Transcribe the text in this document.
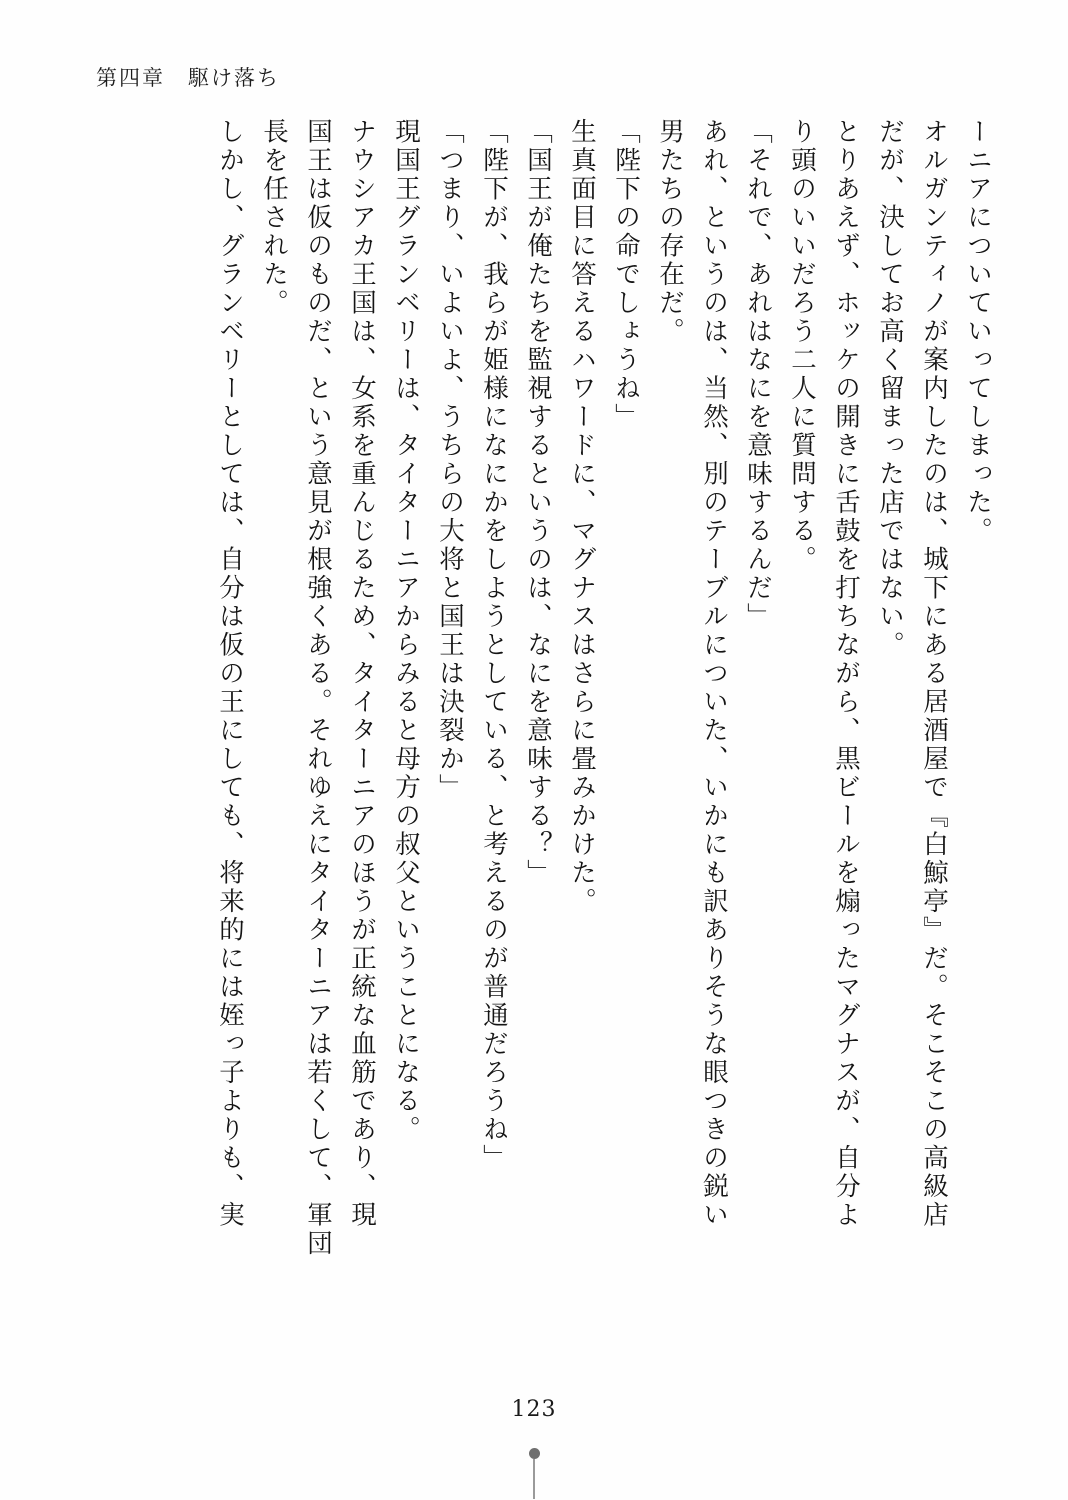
第四章　駆け落ち
ーニアについていってしまった。
オルガンティノが案内したのは、城下にある居酒屋で『白鯨亭』だ。そこそこの高級店
だが、決してお高く留まった店ではない。
とりあえず、ホッケの開きに舌鼓を打ちながら、黒ビールを煽ったマグナスが、自分よ
り頭のいいだろう二人に質問する。
「それで、あれはなにを意味するんだ」
あれ、というのは、当然、別のテーブルについた、いかにも訳ありそうな眼つきの鋭い
男たちの存在だ。
「陛下の命でしょうね」
生真面目に答えるハワードに、マグナスはさらに畳みかけた。
「国王が俺たちを監視するというのは、なにを意味する？」
「陛下が、我らが姫様になにかをしようとしている、と考えるのが普通だろうね」
「つまり、いよいよ、うちらの大将と国王は決裂か」
現国王グランベリーは、タイターニアからみると母方の叔父ということになる。
ナウシアカ王国は、女系を重んじるため、タイターニアのほうが正統な血筋であり、現
国王は仮のものだ、という意見が根強くある。それゆえにタイターニアは若くして、軍団
長を任された。
しかし、グランベリーとしては、自分は仮の王にしても、将来的には姪っ子よりも、実
123
